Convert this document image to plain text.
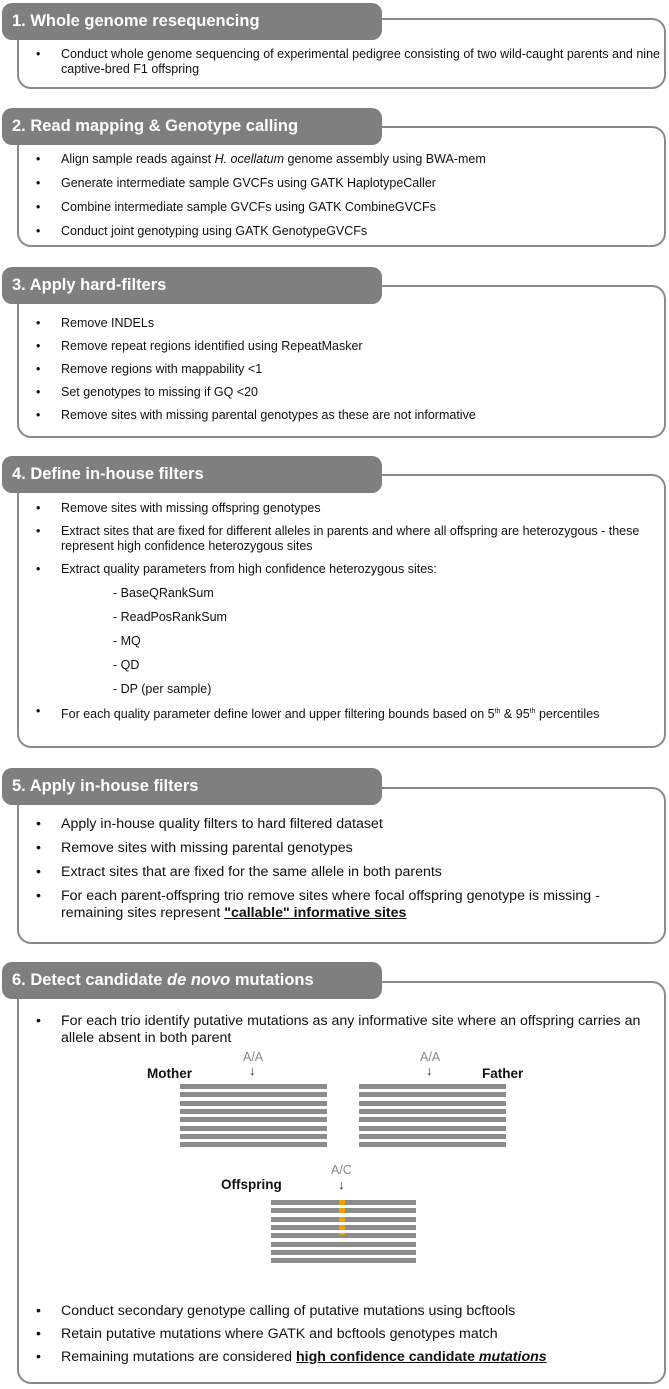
1. Whole genome resequencing
• Conduct whole genome sequencing of experimental pedigree consisting of two wild-caught parents and nine captive-bred F1 offspring
2. Read mapping & Genotype calling
• Align sample reads against H. ocellatum genome assembly using BWA-mem
• Generate intermediate sample GVCFs using GATK HaplotypeCaller
• Combine intermediate sample GVCFs using GATK CombineGVCFs
• Conduct joint genotyping using GATK GenotypeGVCFs
3. Apply hard-filters
• Remove INDELs
• Remove repeat regions identified using RepeatMasker
• Remove regions with mappability <1
• Set genotypes to missing if GQ <20
• Remove sites with missing parental genotypes as these are not informative
4. Define in-house filters
• Remove sites with missing offspring genotypes
• Extract sites that are fixed for different alleles in parents and where all offspring are heterozygous - these represent high confidence heterozygous sites
• Extract quality parameters from high confidence heterozygous sites:
- BaseQRankSum
- ReadPosRankSum
- MQ
- QD
- DP (per sample)
• For each quality parameter define lower and upper filtering bounds based on 5th & 95th percentiles
5. Apply in-house filters
• Apply in-house quality filters to hard filtered dataset
• Remove sites with missing parental genotypes
• Extract sites that are fixed for the same allele in both parents
• For each parent-offspring trio remove sites where focal offspring genotype is missing - remaining sites represent "callable" informative sites
6. Detect candidate de novo mutations
• For each trio identify putative mutations as any informative site where an offspring carries an allele absent in both parent
Mother
A/A
↓	Father
A/A
↓
Offspring
A/C
↓
• Conduct secondary genotype calling of putative mutations using bcftools
• Retain putative mutations where GATK and bcftools genotypes match
• Remaining mutations are considered high confidence candidate mutations
